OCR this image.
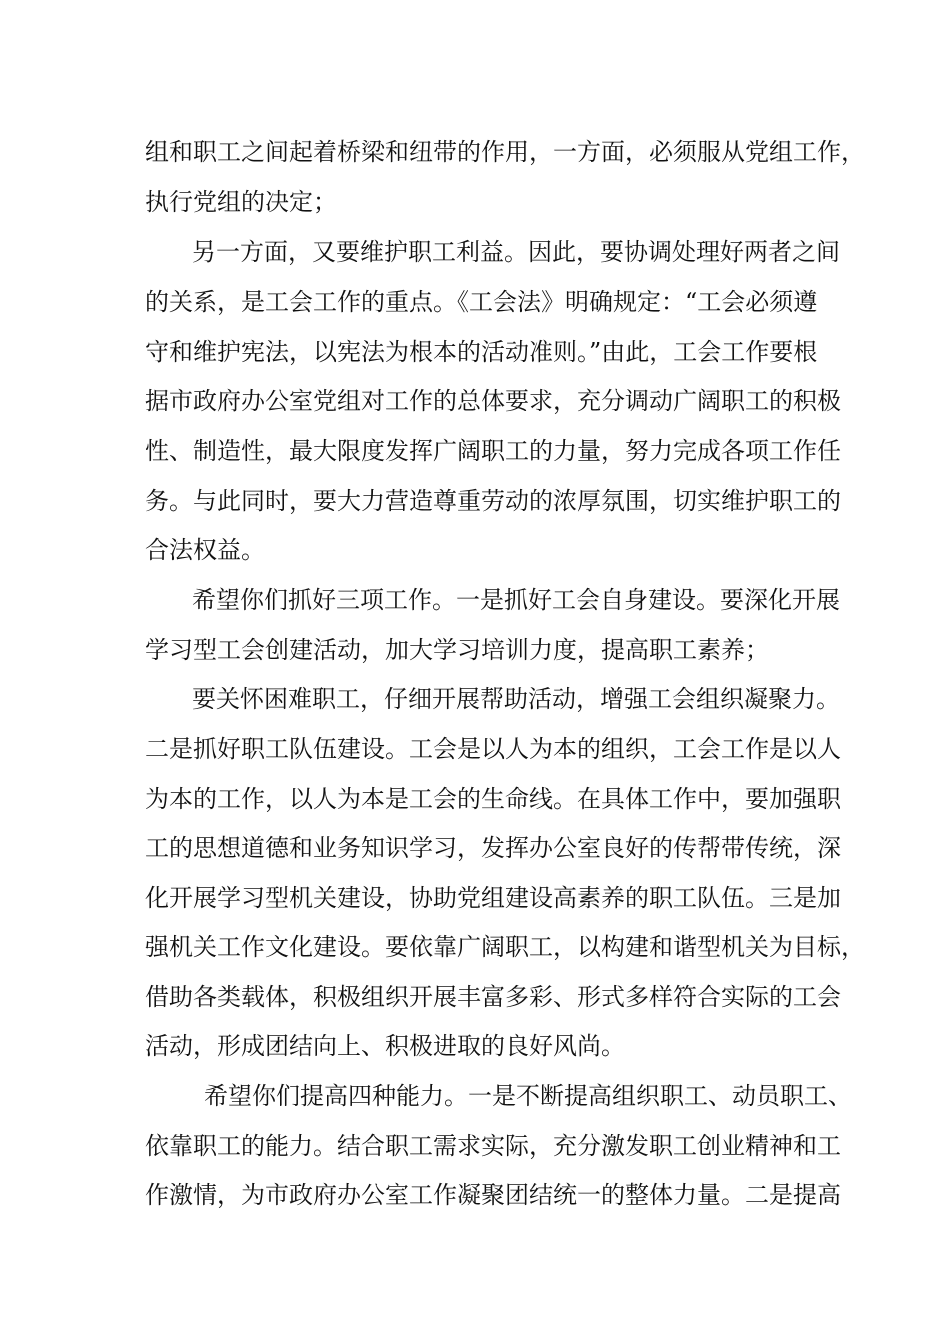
组和职工之间起着桥梁和纽带的作用，一方面，必须服从党组工作，
执行党组的决定；
另一方面，又要维护职工利益。因此，要协调处理好两者之间
的关系，是工会工作的重点。《工会法》明确规定：“工会必须遵
守和维护宪法，以宪法为根本的活动准则。”由此，工会工作要根
据市政府办公室党组对工作的总体要求，充分调动广阔职工的积极
性、制造性，最大限度发挥广阔职工的力量，努力完成各项工作任
务。与此同时，要大力营造尊重劳动的浓厚氛围，切实维护职工的
合法权益。
希望你们抓好三项工作。一是抓好工会自身建设。要深化开展
学习型工会创建活动，加大学习培训力度，提高职工素养；
要关怀困难职工，仔细开展帮助活动，增强工会组织凝聚力。
二是抓好职工队伍建设。工会是以人为本的组织，工会工作是以人
为本的工作，以人为本是工会的生命线。在具体工作中，要加强职
工的思想道德和业务知识学习，发挥办公室良好的传帮带传统，深
化开展学习型机关建设，协助党组建设高素养的职工队伍。三是加
强机关工作文化建设。要依靠广阔职工，以构建和谐型机关为目标，
借助各类载体，积极组织开展丰富多彩、形式多样符合实际的工会
活动，形成团结向上、积极进取的良好风尚。
希望你们提高四种能力。一是不断提高组织职工、动员职工、
依靠职工的能力。结合职工需求实际，充分激发职工创业精神和工
作激情，为市政府办公室工作凝聚团结统一的整体力量。二是提高
